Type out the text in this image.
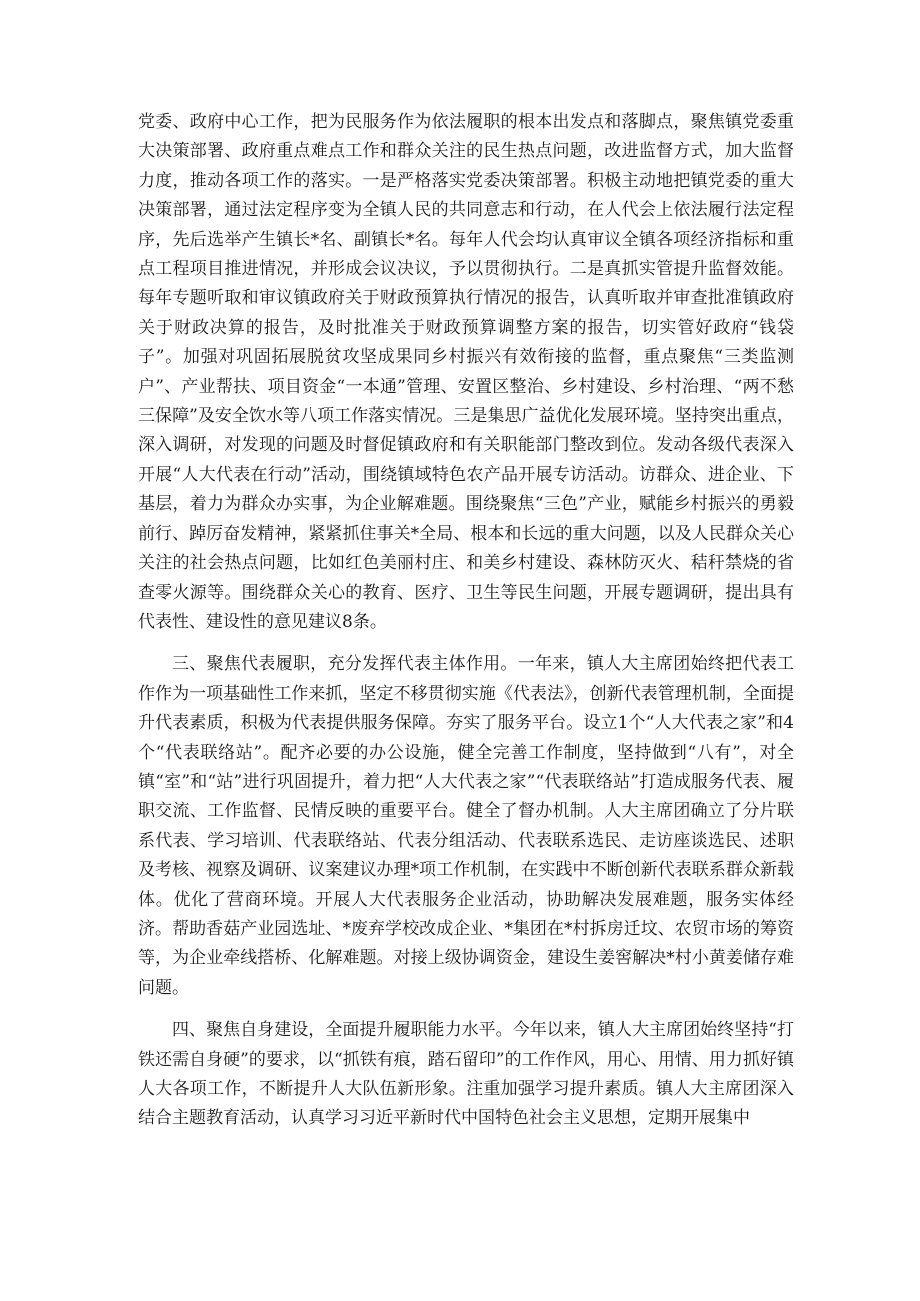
党委、政府中心工作，把为民服务作为依法履职的根本出发点和落脚点，聚焦镇党委重大决策部署、政府重点难点工作和群众关注的民生热点问题，改进监督方式，加大监督力度，推动各项工作的落实。一是严格落实党委决策部署。积极主动地把镇党委的重大决策部署，通过法定程序变为全镇人民的共同意志和行动，在人代会上依法履行法定程序，先后选举产生镇长*名、副镇长*名。每年人代会均认真审议全镇各项经济指标和重点工程项目推进情况，并形成会议决议，予以贯彻执行。二是真抓实管提升监督效能。每年专题听取和审议镇政府关于财政预算执行情况的报告，认真听取并审查批准镇政府关于财政决算的报告，及时批准关于财政预算调整方案的报告，切实管好政府“钱袋子”。加强对巩固拓展脱贫攻坚成果同乡村振兴有效衔接的监督，重点聚焦“三类监测户”、产业帮扶、项目资金“一本通”管理、安置区整治、乡村建设、乡村治理、“两不愁三保障”及安全饮水等八项工作落实情况。三是集思广益优化发展环境。坚持突出重点，深入调研，对发现的问题及时督促镇政府和有关职能部门整改到位。发动各级代表深入开展“人大代表在行动”活动，围绕镇域特色农产品开展专访活动。访群众、进企业、下基层，着力为群众办实事，为企业解难题。围绕聚焦“三色”产业，赋能乡村振兴的勇毅前行、踔厉奋发精神，紧紧抓住事关*全局、根本和长远的重大问题，以及人民群众关心关注的社会热点问题，比如红色美丽村庄、和美乡村建设、森林防灭火、秸秆禁烧的省查零火源等。围绕群众关心的教育、医疗、卫生等民生问题，开展专题调研，提出具有代表性、建设性的意见建议8条。

三、聚焦代表履职，充分发挥代表主体作用。一年来，镇人大主席团始终把代表工作作为一项基础性工作来抓，坚定不移贯彻实施《代表法》，创新代表管理机制，全面提升代表素质，积极为代表提供服务保障。夯实了服务平台。设立1个“人大代表之家”和4个“代表联络站”。配齐必要的办公设施，健全完善工作制度，坚持做到“八有”，对全镇“室”和“站”进行巩固提升，着力把“人大代表之家”“代表联络站”打造成服务代表、履职交流、工作监督、民情反映的重要平台。健全了督办机制。人大主席团确立了分片联系代表、学习培训、代表联络站、代表分组活动、代表联系选民、走访座谈选民、述职及考核、视察及调研、议案建议办理*项工作机制，在实践中不断创新代表联系群众新载体。优化了营商环境。开展人大代表服务企业活动，协助解决发展难题，服务实体经济。帮助香菇产业园选址、*废弃学校改成企业、*集团在*村拆房迁坟、农贸市场的筹资等，为企业牵线搭桥、化解难题。对接上级协调资金，建设生姜窖解决*村小黄姜储存难问题。

四、聚焦自身建设，全面提升履职能力水平。今年以来，镇人大主席团始终坚持“打铁还需自身硬”的要求，以“抓铁有痕，踏石留印”的工作作风，用心、用情、用力抓好镇人大各项工作，不断提升人大队伍新形象。注重加强学习提升素质。镇人大主席团深入结合主题教育活动，认真学习习近平新时代中国特色社会主义思想，定期开展集中
